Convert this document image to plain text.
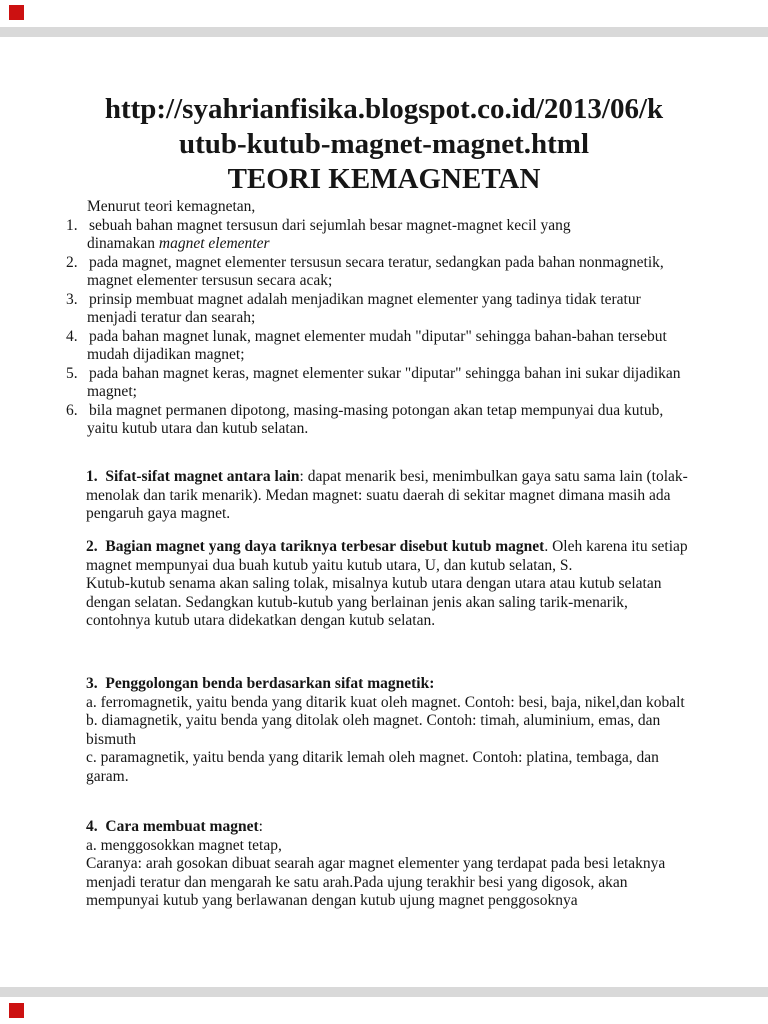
http://syahrianfisika.blogspot.co.id/2013/06/k
utub-kutub-magnet-magnet.html
TEORI KEMAGNETAN
Menurut teori kemagnetan,
1. sebuah bahan magnet tersusun dari sejumlah besar magnet-magnet kecil yang
dinamakan magnet elementer
2. pada magnet, magnet elementer tersusun secara teratur, sedangkan pada bahan nonmagnetik,
magnet elementer tersusun secara acak;
3. prinsip membuat magnet adalah menjadikan magnet elementer yang tadinya tidak teratur
menjadi teratur dan searah;
4. pada bahan magnet lunak, magnet elementer mudah "diputar" sehingga bahan-bahan tersebut
mudah dijadikan magnet;
5. pada bahan magnet keras, magnet elementer sukar "diputar" sehingga bahan ini sukar dijadikan
magnet;
6. bila magnet permanen dipotong, masing-masing potongan akan tetap mempunyai dua kutub,
yaitu kutub utara dan kutub selatan.
1.  Sifat-sifat magnet antara lain: dapat menarik besi, menimbulkan gaya satu sama lain (tolak-
menolak dan tarik menarik). Medan magnet: suatu daerah di sekitar magnet dimana masih ada
pengaruh gaya magnet.
2.  Bagian magnet yang daya tariknya terbesar disebut kutub magnet. Oleh karena itu setiap
magnet mempunyai dua buah kutub yaitu kutub utara, U, dan kutub selatan, S.
Kutub-kutub senama akan saling tolak, misalnya kutub utara dengan utara atau kutub selatan
dengan selatan. Sedangkan kutub-kutub yang berlainan jenis akan saling tarik-menarik,
contohnya kutub utara didekatkan dengan kutub selatan.
3.  Penggolongan benda berdasarkan sifat magnetik:
a. ferromagnetik, yaitu benda yang ditarik kuat oleh magnet. Contoh: besi, baja, nikel,dan kobalt
b. diamagnetik, yaitu benda yang ditolak oleh magnet. Contoh: timah, aluminium, emas, dan
bismuth
c. paramagnetik, yaitu benda yang ditarik lemah oleh magnet. Contoh: platina, tembaga, dan
garam.
4.  Cara membuat magnet:
a. menggosokkan magnet tetap,
Caranya: arah gosokan dibuat searah agar magnet elementer yang terdapat pada besi letaknya
menjadi teratur dan mengarah ke satu arah.Pada ujung terakhir besi yang digosok, akan
mempunyai kutub yang berlawanan dengan kutub ujung magnet penggosoknya
